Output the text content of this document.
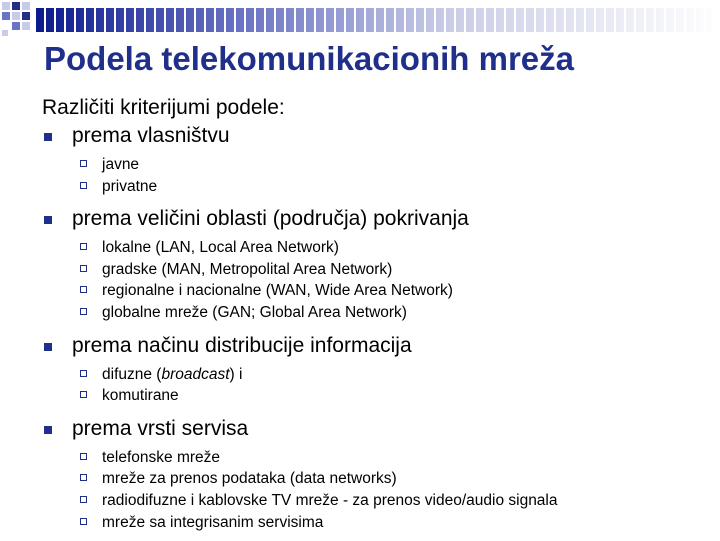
Podela telekomunikacionih mreža
Različiti kriterijumi podele:
prema vlasništvu
javne
privatne
prema veličini oblasti (područja) pokrivanja
lokalne (LAN, Local Area Network)
gradske (MAN, Metropolital Area Network)
regionalne i nacionalne (WAN, Wide Area Network)
globalne mreže (GAN; Global Area Network)
prema načinu distribucije informacija
difuzne (broadcast) i
komutirane
prema vrsti servisa
telefonske mreže
mreže za prenos podataka (data networks)
radiodifuzne i kablovske TV mreže - za prenos video/audio signala
mreže sa integrisanim servisima
